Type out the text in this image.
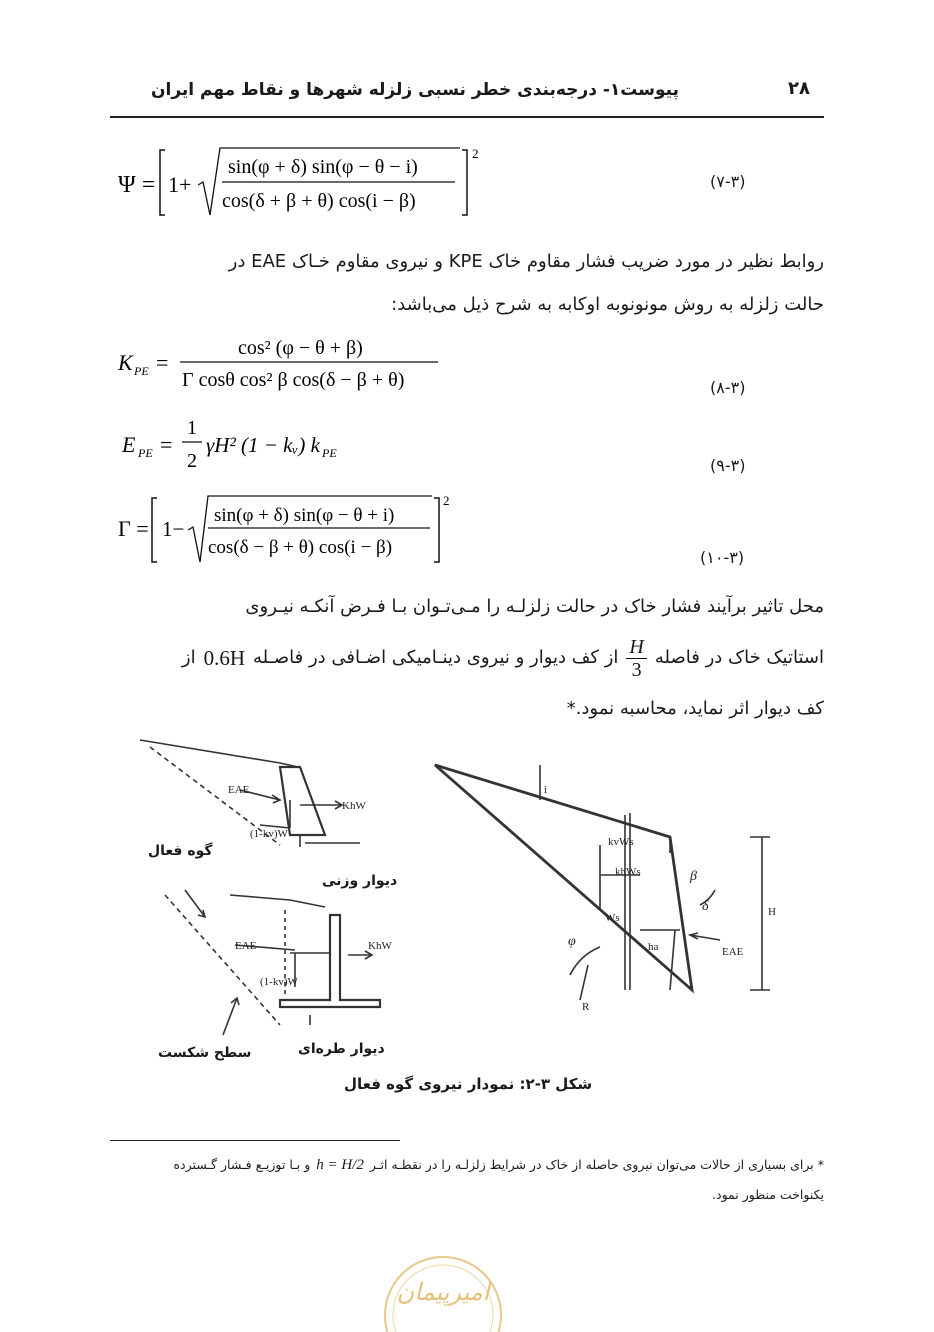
پیوست۱- درجه‌بندی خطر نسبی زلزله شهرها و نقاط مهم ایران	۲۸
Ψ = 1+
sin(φ + δ) sin(φ − θ − i)
cos(δ + β + θ) cos(i − β)
2
(۷-۳)
روابط نظیر در مورد ضریب فشار مقاوم خاک K‎PE و نیروی مقاوم خـاک E‎AE در
حالت زلزله به روش مونونوبه اوکابه به شرح ذیل می‌باشد:
K PE =
cos² (φ − θ + β)
Γ cosθ cos² β cos(δ − β + θ)	(۸-۳)
E PE =
1
2
γH² (1 − kᵥ) k PE
(۹-۳)
Γ = 1−
sin(φ + δ) sin(φ − θ + i)
cos(δ − β + θ) cos(i − β)
2
(۱۰-۳)
محل تاثیر برآیند فشار خاک در حالت زلزلـه را مـی‌تـوان بـا فـرض آنکـه نیـروی
استاتیک خاک در فاصله
H
3
از کف دیوار و نیروی دینـامیکی اضـافی در فاصـله
0.6H
از
کف دیوار اثر نماید، محاسبه نمود.*
EAE
KhW
(1-kv)W
EAE	KhW
(1-kv)W
i
kvWs
khWs
Ws
β
δ
φ
EAE
H
ha
R
گوه فعال
دیوار وزنی
دیوار طره‌ای
سطح شکست
شکل ۳-۲: نمودار نیروی گوه فعال
* برای بسیاری از حالات می‌توان نیروی حاصله از خاک در شرایط زلزلـه را در نقطـه اثـر
h = H/2
و بـا توزیـع فـشار گـسترده
یکنواخت منظور نمود.
امیرپیمان
